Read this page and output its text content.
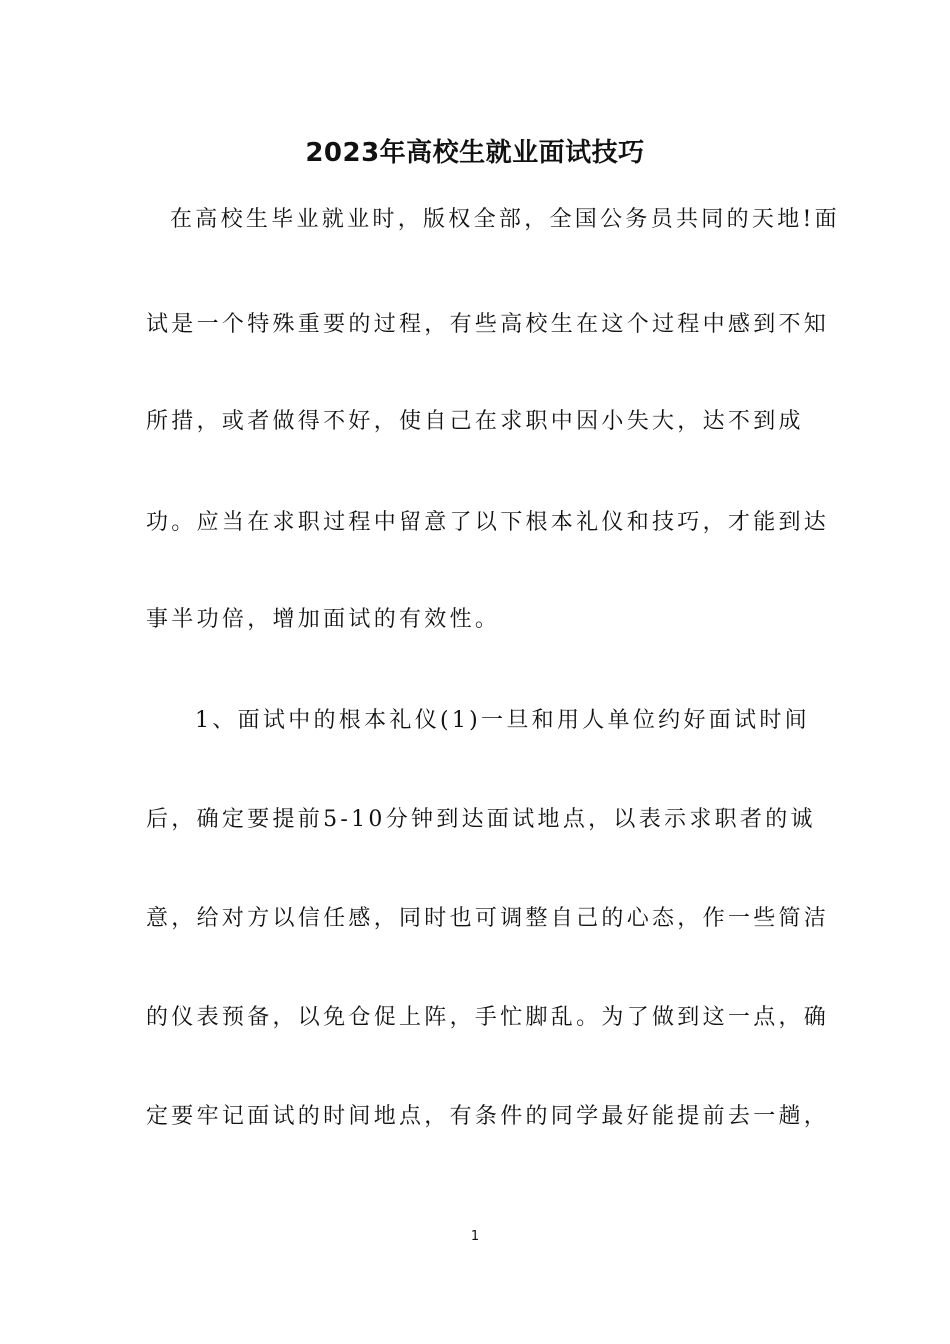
2023年高校生就业面试技巧

在高校生毕业就业时，版权全部，全国公务员共同的天地!面

试是一个特殊重要的过程，有些高校生在这个过程中感到不知

所措，或者做得不好，使自己在求职中因小失大，达不到成

功。应当在求职过程中留意了以下根本礼仪和技巧，才能到达

事半功倍，增加面试的有效性。

1、面试中的根本礼仪(1)一旦和用人单位约好面试时间

后，确定要提前5-10分钟到达面试地点，以表示求职者的诚

意，给对方以信任感，同时也可调整自己的心态，作一些简洁

的仪表预备，以免仓促上阵，手忙脚乱。为了做到这一点，确

定要牢记面试的时间地点，有条件的同学最好能提前去一趟，

1
